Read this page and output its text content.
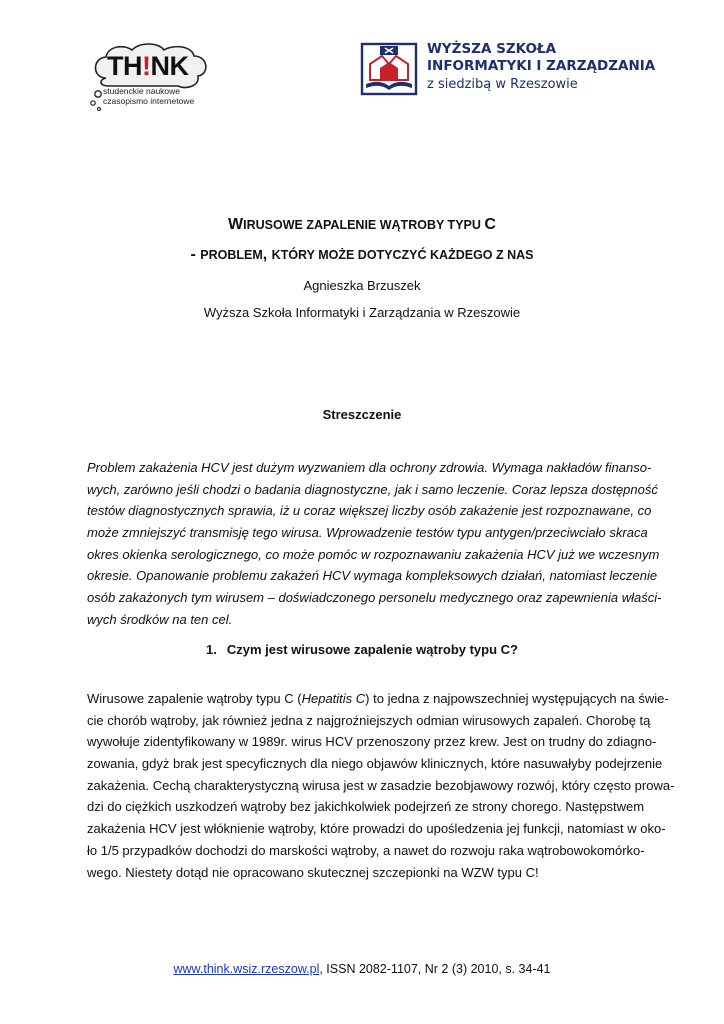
TH!NK
studenckie naukowe
czasopismo internetowe
WYŻSZA SZKOŁA
INFORMATYKI I ZARZĄDZANIA
z siedzibą w Rzeszowie
WIRUSOWE ZAPALENIE WĄTROBY TYPU C
- PROBLEM, KTÓRY MOŻE DOTYCZYĆ KAŻDEGO Z NAS
Agnieszka Brzuszek
Wyższa Szkoła Informatyki i Zarządzania w Rzeszowie
Streszczenie
Problem zakażenia HCV jest dużym wyzwaniem dla ochrony zdrowia. Wymaga nakładów finanso-
wych, zarówno jeśli chodzi o badania diagnostyczne, jak i samo leczenie. Coraz lepsza dostępność
testów diagnostycznych sprawia, iż u coraz większej liczby osób zakażenie jest rozpoznawane, co
może zmniejszyć transmisję tego wirusa. Wprowadzenie testów typu antygen/przeciwciało skraca
okres okienka serologicznego, co może pomóc w rozpoznawaniu zakażenia HCV już we wczesnym
okresie. Opanowanie problemu zakażeń HCV wymaga kompleksowych działań, natomiast leczenie
osób zakażonych tym wirusem – doświadczonego personelu medycznego oraz zapewnienia właści-
wych środków na ten cel.
1. Czym jest wirusowe zapalenie wątroby typu C?
Wirusowe zapalenie wątroby typu C (Hepatitis C) to jedna z najpowszechniej występujących na świe-
cie chorób wątroby, jak również jedna z najgroźniejszych odmian wirusowych zapaleń. Chorobę tą
wywołuje zidentyfikowany w 1989r. wirus HCV przenoszony przez krew. Jest on trudny do zdiagno-
zowania, gdyż brak jest specyficznych dla niego objawów klinicznych, które nasuwałyby podejrzenie
zakażenia. Cechą charakterystyczną wirusa jest w zasadzie bezobjawowy rozwój, który często prowa-
dzi do ciężkich uszkodzeń wątroby bez jakichkolwiek podejrzeń ze strony chorego. Następstwem
zakażenia HCV jest włóknienie wątroby, które prowadzi do upośledzenia jej funkcji, natomiast w oko-
ło 1/5 przypadków dochodzi do marskości wątroby, a nawet do rozwoju raka wątrobowokomórko-
wego. Niestety dotąd nie opracowano skutecznej szczepionki na WZW typu C!
www.think.wsiz.rzeszow.pl, ISSN 2082-1107, Nr 2 (3) 2010, s. 34-41
